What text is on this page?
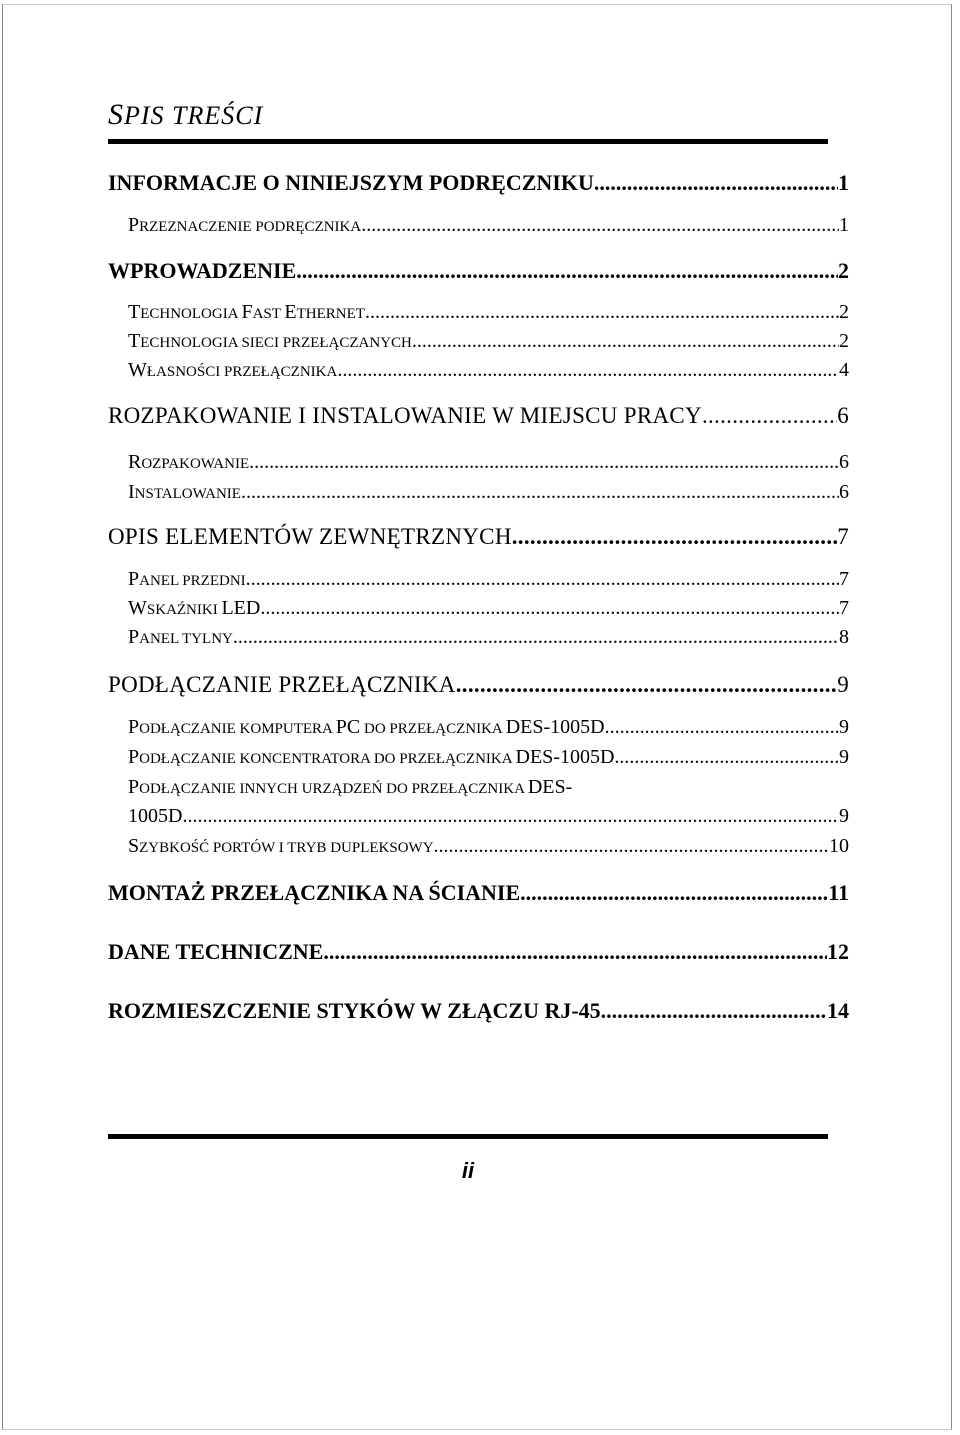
SPIS TREŚCI
INFORMACJE O NINIEJSZYM PODRĘCZNIKU .....	1
PRZEZNACZENIE PODRĘCZNIKA .....	1
WPROWADZENIE .....	2
TECHNOLOGIA FAST ETHERNET .....	2
TECHNOLOGIA SIECI PRZEŁĄCZANYCH .....	2
WŁASNOŚCI PRZEŁĄCZNIKA .....	4
ROZPAKOWANIE I INSTALOWANIE W MIEJSCU PRACY .....	6
ROZPAKOWANIE .....	6
INSTALOWANIE .....	6
OPIS ELEMENTÓW ZEWNĘTRZNYCH .....	7
PANEL PRZEDNI .....	7
WSKAŹNIKI LED .....	7
PANEL TYLNY .....	8
PODŁĄCZANIE PRZEŁĄCZNIKA .....	9
PODŁĄCZANIE KOMPUTERA PC DO PRZEŁĄCZNIKA DES-1005D .....	9
PODŁĄCZANIE KONCENTRATORA DO PRZEŁĄCZNIKA DES-1005D .....	9
PODŁĄCZANIE INNYCH URZĄDZEŃ DO PRZEŁĄCZNIKA DES-
1005D .....	9
SZYBKOŚĆ PORTÓW I TRYB DUPLEKSOWY .....	10
MONTAŻ PRZEŁĄCZNIKA NA ŚCIANIE .....	11
DANE TECHNICZNE .....	12
ROZMIESZCZENIE STYKÓW W ZŁĄCZU RJ-45 .....	14
ii
